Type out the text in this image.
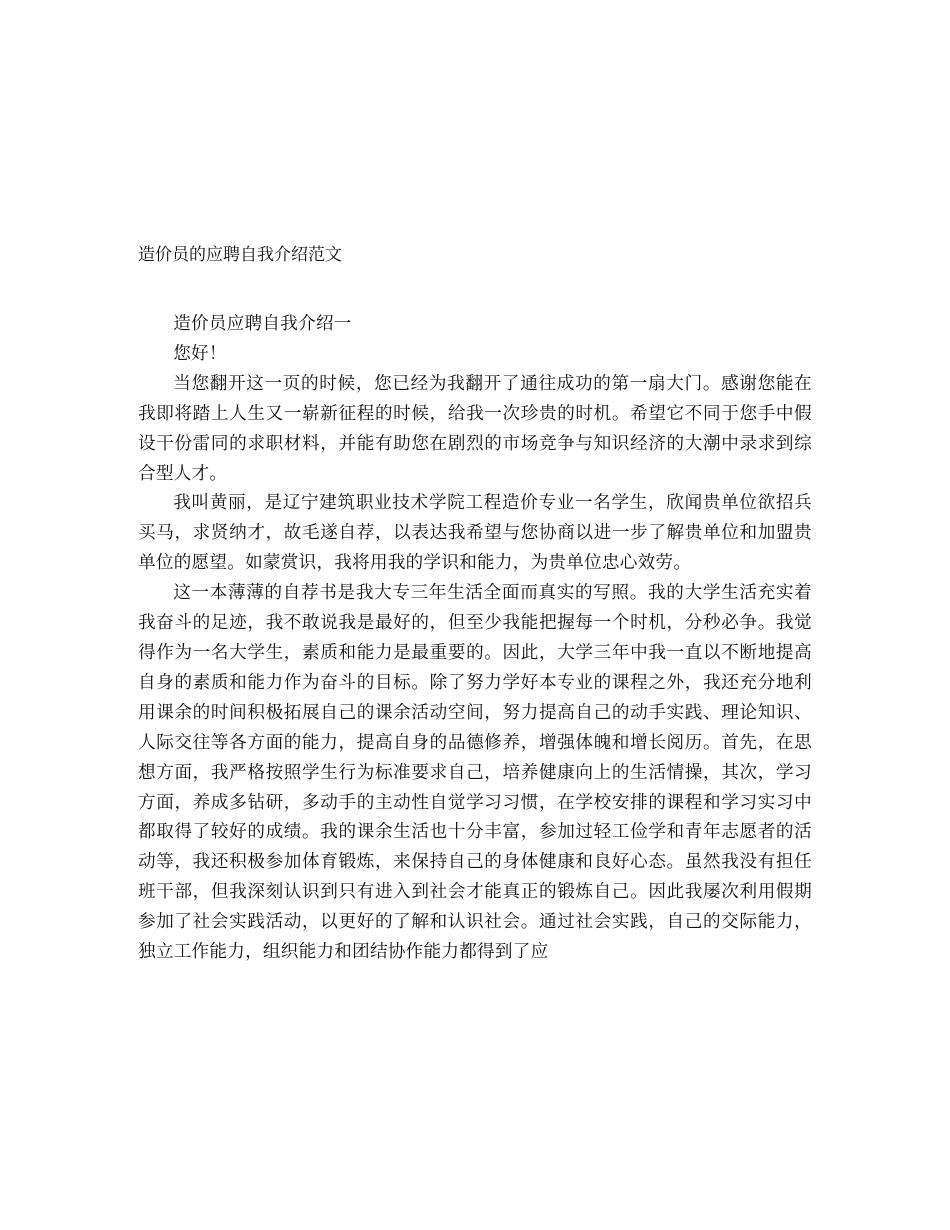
造价员的应聘自我介绍范文

造价员应聘自我介绍一

您好！

当您翻开这一页的时候，您已经为我翻开了通往成功的第一扇大门。感谢您能在我即将踏上人生又一崭新征程的时候，给我一次珍贵的时机。希望它不同于您手中假设干份雷同的求职材料，并能有助您在剧烈的市场竞争与知识经济的大潮中录求到综合型人才。

我叫黄丽，是辽宁建筑职业技术学院工程造价专业一名学生，欣闻贵单位欲招兵买马，求贤纳才，故毛遂自荐，以表达我希望与您协商以进一步了解贵单位和加盟贵单位的愿望。如蒙赏识，我将用我的学识和能力，为贵单位忠心效劳。

这一本薄薄的自荐书是我大专三年生活全面而真实的写照。我的大学生活充实着我奋斗的足迹，我不敢说我是最好的，但至少我能把握每一个时机，分秒必争。我觉得作为一名大学生，素质和能力是最重要的。因此，大学三年中我一直以不断地提高自身的素质和能力作为奋斗的目标。除了努力学好本专业的课程之外，我还充分地利用课余的时间积极拓展自己的课余活动空间，努力提高自己的动手实践、理论知识、人际交往等各方面的能力，提高自身的品德修养，增强体魄和增长阅历。首先，在思想方面，我严格按照学生行为标准要求自己，培养健康向上的生活情操，其次，学习方面，养成多钻研，多动手的主动性自觉学习习惯，在学校安排的课程和学习实习中都取得了较好的成绩。我的课余生活也十分丰富，参加过轻工俭学和青年志愿者的活动等，我还积极参加体育锻炼，来保持自己的身体健康和良好心态。虽然我没有担任班干部，但我深刻认识到只有进入到社会才能真正的锻炼自己。因此我屡次利用假期参加了社会实践活动，以更好的了解和认识社会。通过社会实践，自己的交际能力，独立工作能力，组织能力和团结协作能力都得到了应
